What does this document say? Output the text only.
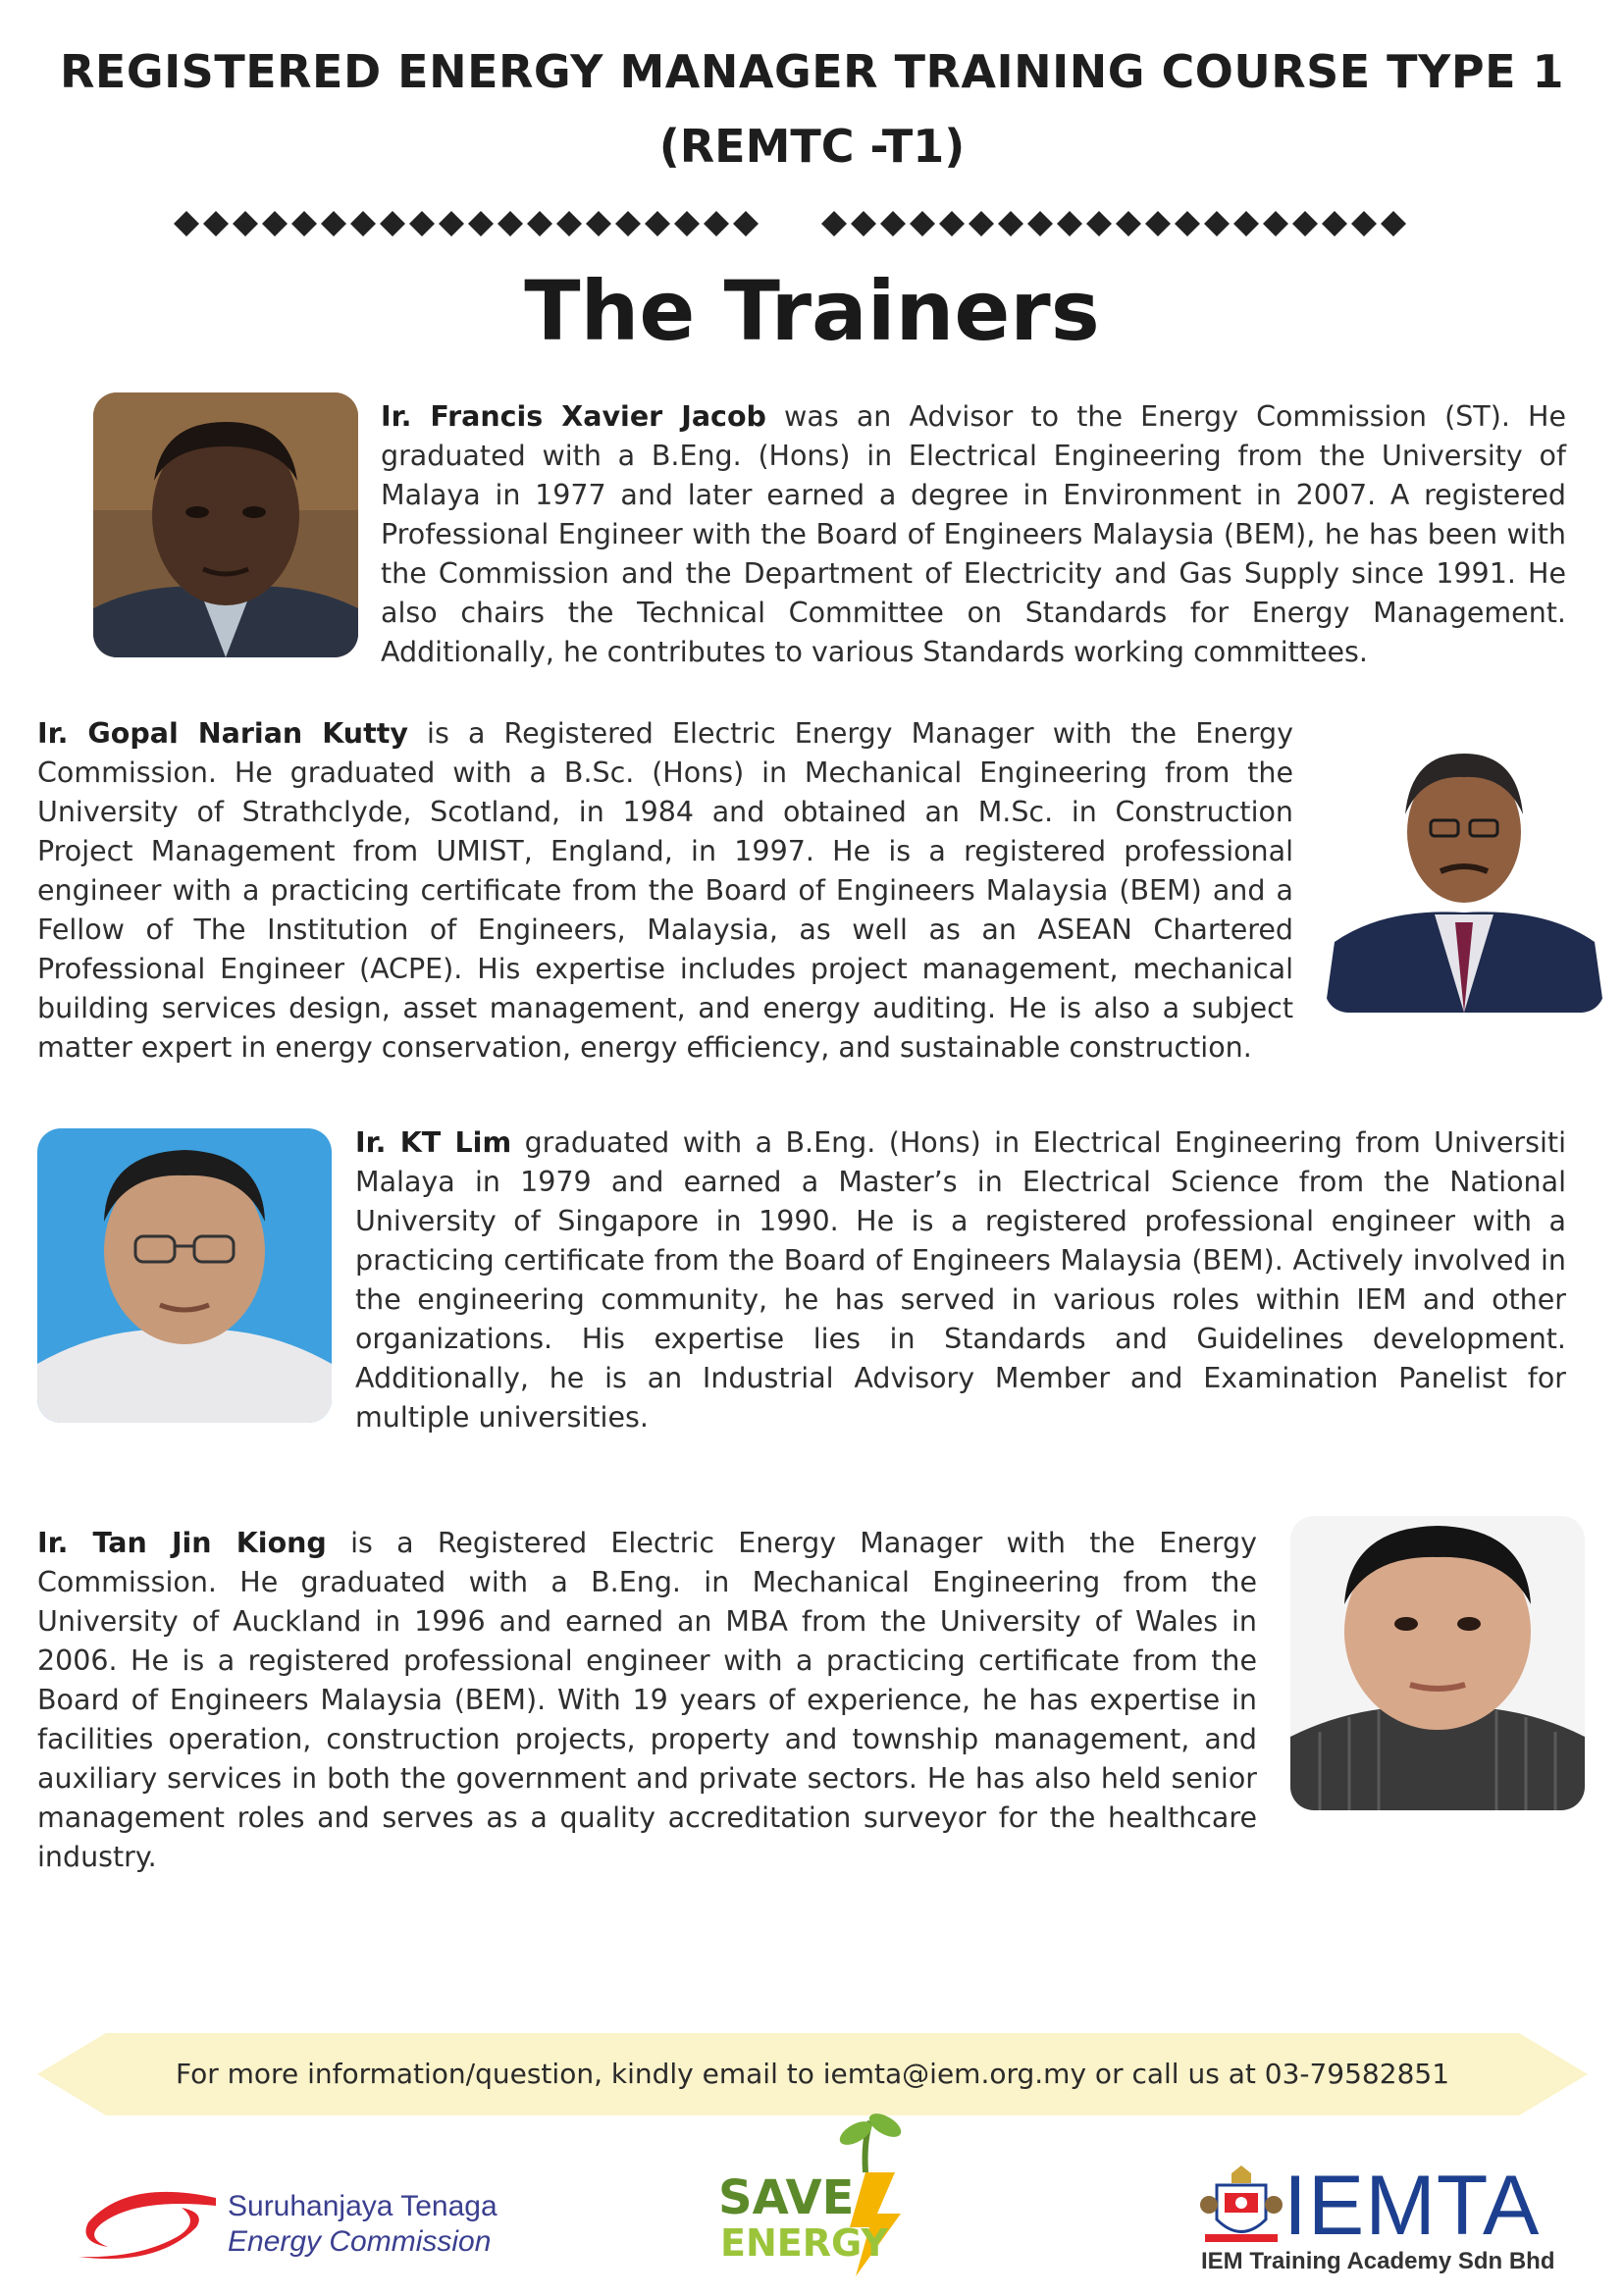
REGISTERED ENERGY MANAGER TRAINING COURSE TYPE 1
(REMTC -T1)
The Trainers
Ir. Francis Xavier Jacob was an Advisor to the Energy Commission (ST). He graduated with a B.Eng. (Hons) in Electrical Engineering from the University of Malaya in 1977 and later earned a degree in Environment in 2007. A registered Professional Engineer with the Board of Engineers Malaysia (BEM), he has been with the Commission and the Department of Electricity and Gas Supply since 1991. He also chairs the Technical Committee on Standards for Energy Management. Additionally, he contributes to various Standards working committees.
Ir. Gopal Narian Kutty is a Registered Electric Energy Manager with the Energy Commission. He graduated with a B.Sc. (Hons) in Mechanical Engineering from the University of Strathclyde, Scotland, in 1984 and obtained an M.Sc. in Construction Project Management from UMIST, England, in 1997. He is a registered professional engineer with a practicing certificate from the Board of Engineers Malaysia (BEM) and a Fellow of The Institution of Engineers, Malaysia, as well as an ASEAN Chartered Professional Engineer (ACPE). His expertise includes project management, mechanical building services design, asset management, and energy auditing. He is also a subject matter expert in energy conservation, energy efficiency, and sustainable construction.
Ir. KT Lim graduated with a B.Eng. (Hons) in Electrical Engineering from Universiti Malaya in 1979 and earned a Master’s in Electrical Science from the National University of Singapore in 1990. He is a registered professional engineer with a practicing certificate from the Board of Engineers Malaysia (BEM). Actively involved in the engineering community, he has served in various roles within IEM and other organizations. His expertise lies in Standards and Guidelines development. Additionally, he is an Industrial Advisory Member and Examination Panelist for multiple universities.
Ir. Tan Jin Kiong is a Registered Electric Energy Manager with the Energy Commission. He graduated with a B.Eng. in Mechanical Engineering from the University of Auckland in 1996 and earned an MBA from the University of Wales in 2006. He is a registered professional engineer with a practicing certificate from the Board of Engineers Malaysia (BEM). With 19 years of experience, he has expertise in facilities operation, construction projects, property and township management, and auxiliary services in both the government and private sectors. He has also held senior management roles and serves as a quality accreditation surveyor for the healthcare industry.
For more information/question, kindly email to iemta@iem.org.my or call us at 03-79582851
Suruhanjaya Tenaga
Energy Commission
SAVE
ENERGY	IEMTA
IEM Training Academy Sdn Bhd
